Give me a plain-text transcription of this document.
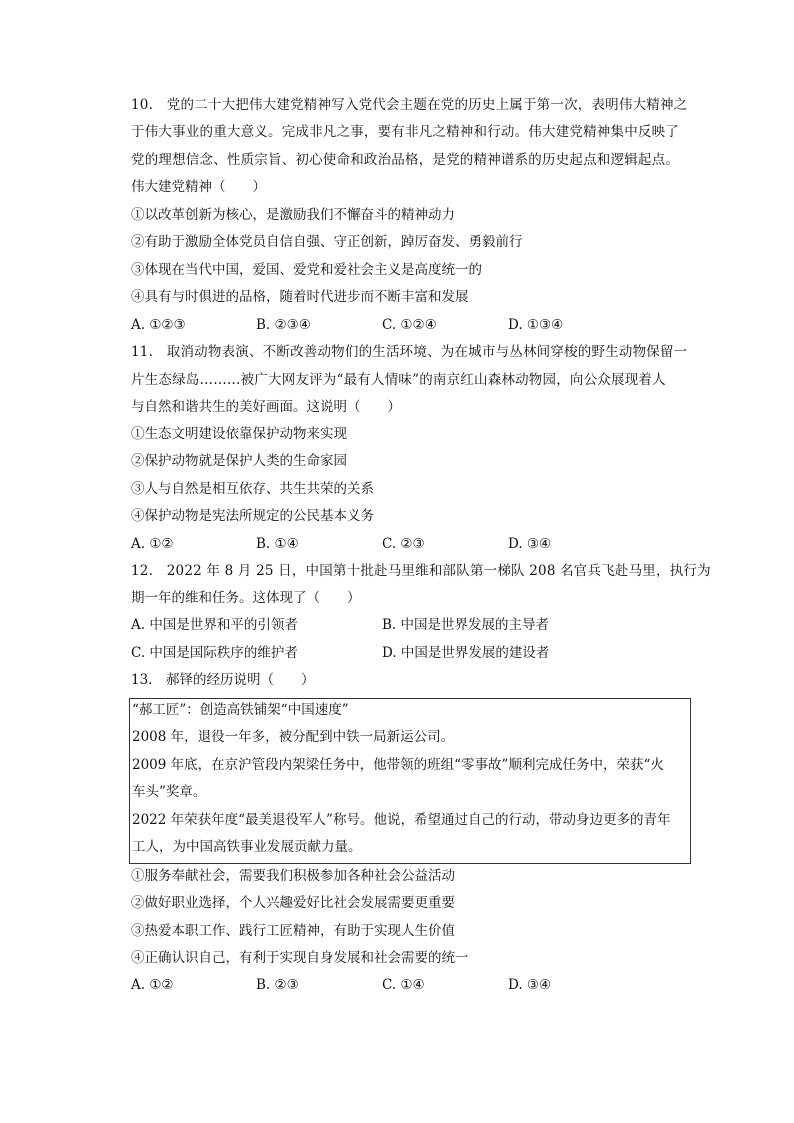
10.　党的二十大把伟大建党精神写入党代会主题在党的历史上属于第一次，表明伟大精神之
于伟大事业的重大意义。完成非凡之事，要有非凡之精神和行动。伟大建党精神集中反映了
党的理想信念、性质宗旨、初心使命和政治品格，是党的精神谱系的历史起点和逻辑起点。
伟大建党精神（　　）
①以改革创新为核心，是激励我们不懈奋斗的精神动力
②有助于激励全体党员自信自强、守正创新，踔厉奋发、勇毅前行
③体现在当代中国，爱国、爱党和爱社会主义是高度统一的
④具有与时俱进的品格，随着时代进步而不断丰富和发展
A. ①②③	B. ②③④	C. ①②④	D. ①③④
11.　取消动物表演、不断改善动物们的生活环境、为在城市与丛林间穿梭的野生动物保留一
片生态绿岛………被广大网友评为“最有人情味”的南京红山森林动物园，向公众展现着人
与自然和谐共生的美好画面。这说明（　　）
①生态文明建设依靠保护动物来实现
②保护动物就是保护人类的生命家园
③人与自然是相互依存、共生共荣的关系
④保护动物是宪法所规定的公民基本义务
A. ①②	B. ①④	C. ②③	D. ③④
12.　2022 年 8 月 25 日，中国第十批赴马里维和部队第一梯队 208 名官兵飞赴马里，执行为
期一年的维和任务。这体现了（　　）
A. 中国是世界和平的引领者	B. 中国是世界发展的主导者
C. 中国是国际秩序的维护者	D. 中国是世界发展的建设者
13.　郝铎的经历说明（　　）
“郝工匠”：创造高铁铺架“中国速度”
2008 年，退役一年多，被分配到中铁一局新运公司。
2009 年底，在京沪管段内架梁任务中，他带领的班组“零事故”顺利完成任务中，荣获“火
车头”奖章。
2022 年荣获年度“最美退役军人”称号。他说，希望通过自己的行动，带动身边更多的青年
工人，为中国高铁事业发展贡献力量。
①服务奉献社会，需要我们积极参加各种社会公益活动
②做好职业选择，个人兴趣爱好比社会发展需要更重要
③热爱本职工作、践行工匠精神，有助于实现人生价值
④正确认识自己，有利于实现自身发展和社会需要的统一
A. ①②	B. ②③	C. ①④	D. ③④
